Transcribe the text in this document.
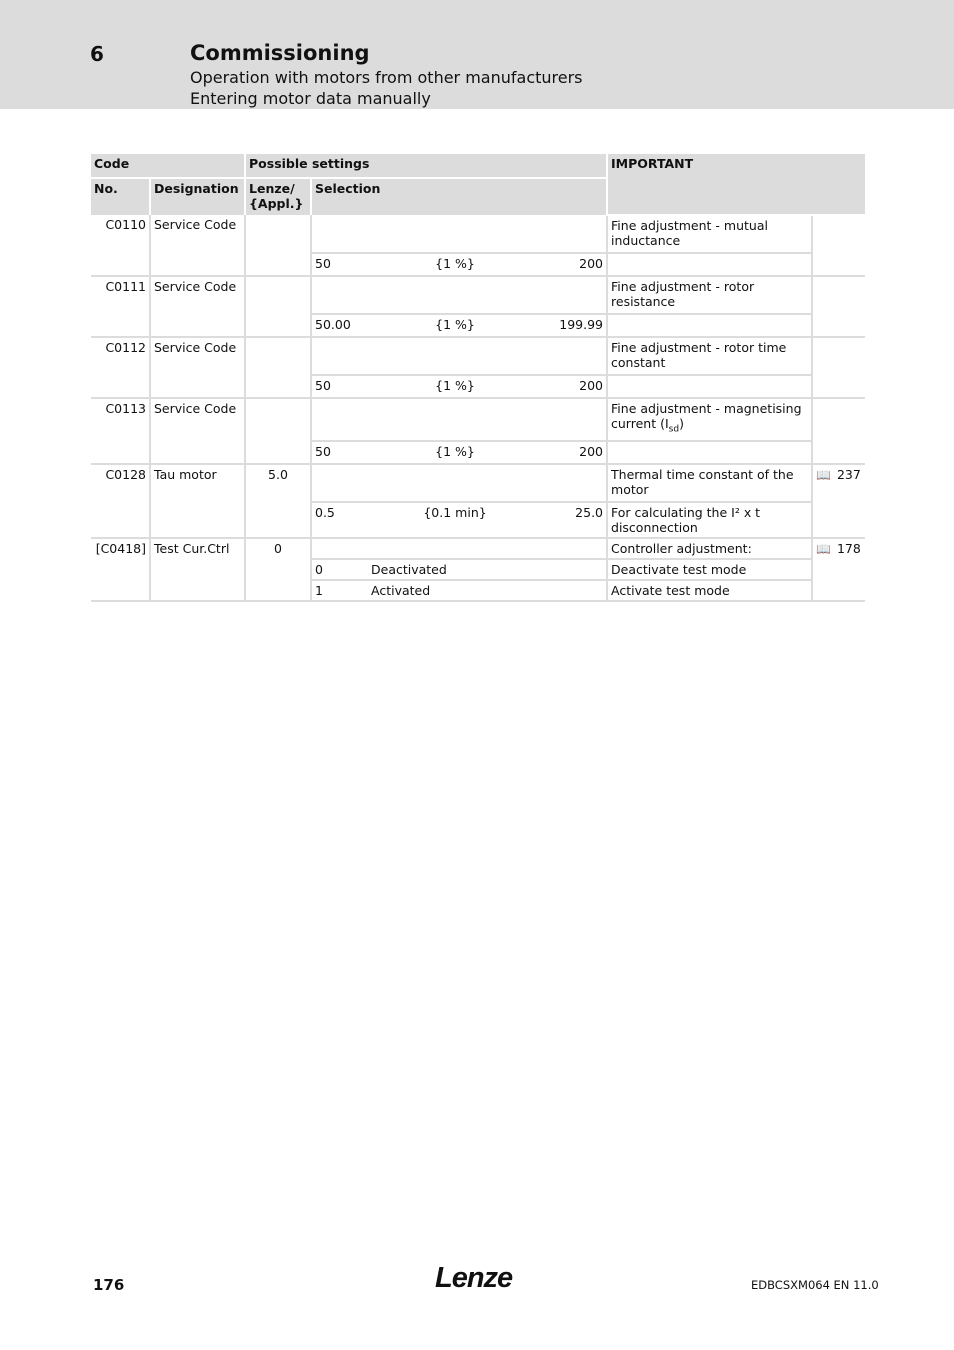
6	Commissioning
Operation with motors from other manufacturers
Entering motor data manually
Code		Possible settings		IMPORTANT	
No.	Designation	Lenze/ {Appl.}	Selection		
C0110	Service Code			Fine adjustment - mutual inductance	

			50 {1 %} 200		

C0111	Service Code			Fine adjustment - rotor resistance	

			50.00 {1 %} 199.99		

C0112	Service Code			Fine adjustment - rotor time constant	

			50 {1 %} 200		

C0113	Service Code			Fine adjustment - magnetising current $(I_{sd})$	

			50 {1 %} 200		

C0128	Tau motor	5.0		Thermal time constant of the motor	📖 237

			0.5 {0.1 min} 25.0	For calculating the I² x t disconnection	
[C0418]	Test Cur.Ctrl	0		Controller adjustment:	📖 178

			0 Deactivated	Deactivate test mode	

			1 Activated	Activate test mode	
176	Lenze	EDBCSXM064 EN 11.0
